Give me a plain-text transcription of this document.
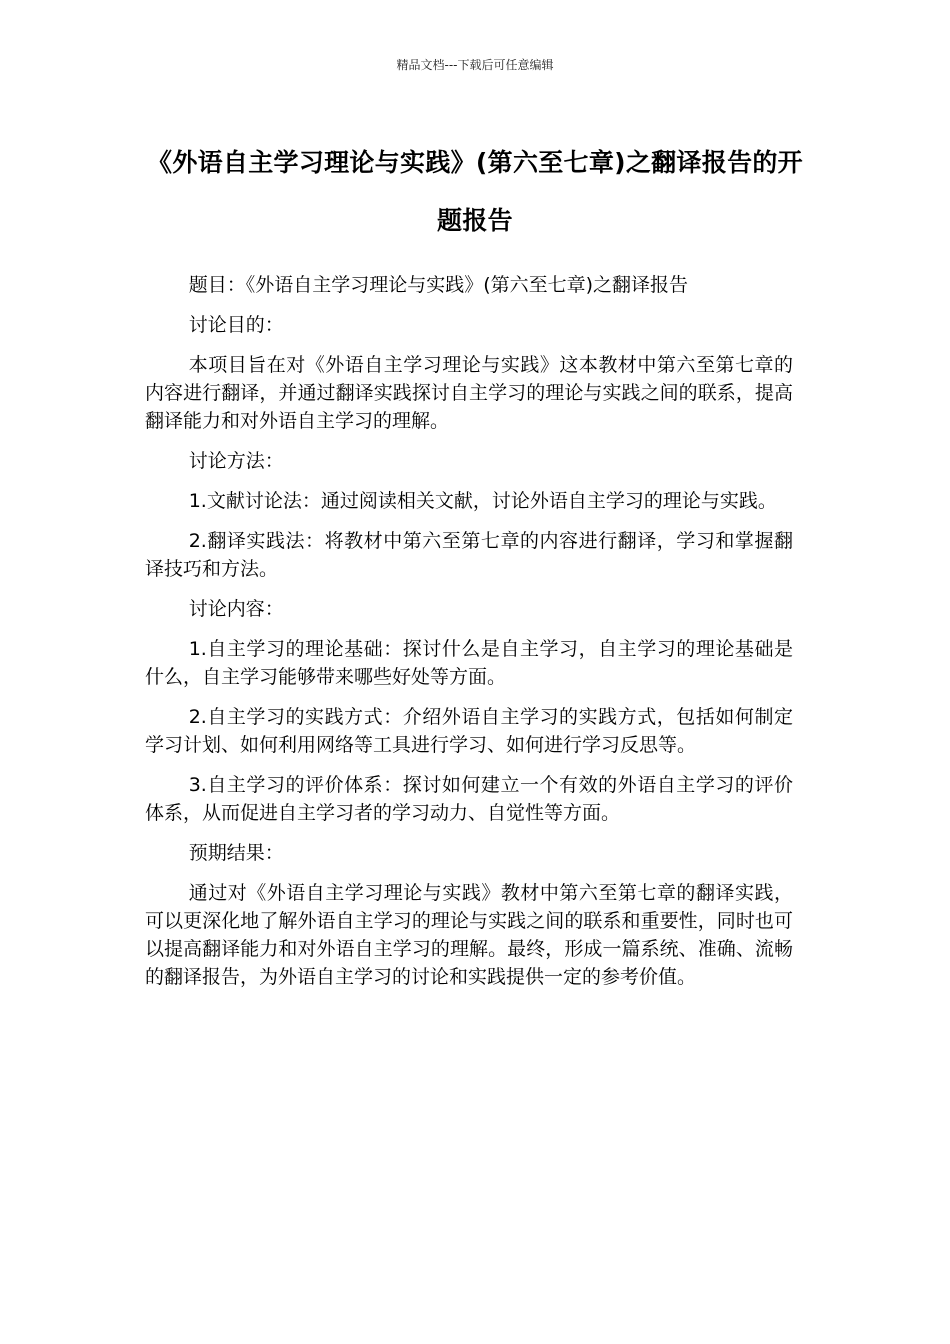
精品文档---下载后可任意编辑
《外语自主学习理论与实践》(第六至七章)之翻译报告的开题报告

题目：《外语自主学习理论与实践》(第六至七章)之翻译报告

讨论目的：

本项目旨在对《外语自主学习理论与实践》这本教材中第六至第七章的内容进行翻译，并通过翻译实践探讨自主学习的理论与实践之间的联系，提高翻译能力和对外语自主学习的理解。

讨论方法：

1.文献讨论法：通过阅读相关文献，讨论外语自主学习的理论与实践。

2.翻译实践法：将教材中第六至第七章的内容进行翻译，学习和掌握翻译技巧和方法。

讨论内容：

1.自主学习的理论基础：探讨什么是自主学习，自主学习的理论基础是什么，自主学习能够带来哪些好处等方面。

2.自主学习的实践方式：介绍外语自主学习的实践方式，包括如何制定学习计划、如何利用网络等工具进行学习、如何进行学习反思等。

3.自主学习的评价体系：探讨如何建立一个有效的外语自主学习的评价体系，从而促进自主学习者的学习动力、自觉性等方面。

预期结果：

通过对《外语自主学习理论与实践》教材中第六至第七章的翻译实践，可以更深化地了解外语自主学习的理论与实践之间的联系和重要性，同时也可以提高翻译能力和对外语自主学习的理解。最终，形成一篇系统、准确、流畅的翻译报告，为外语自主学习的讨论和实践提供一定的参考价值。
